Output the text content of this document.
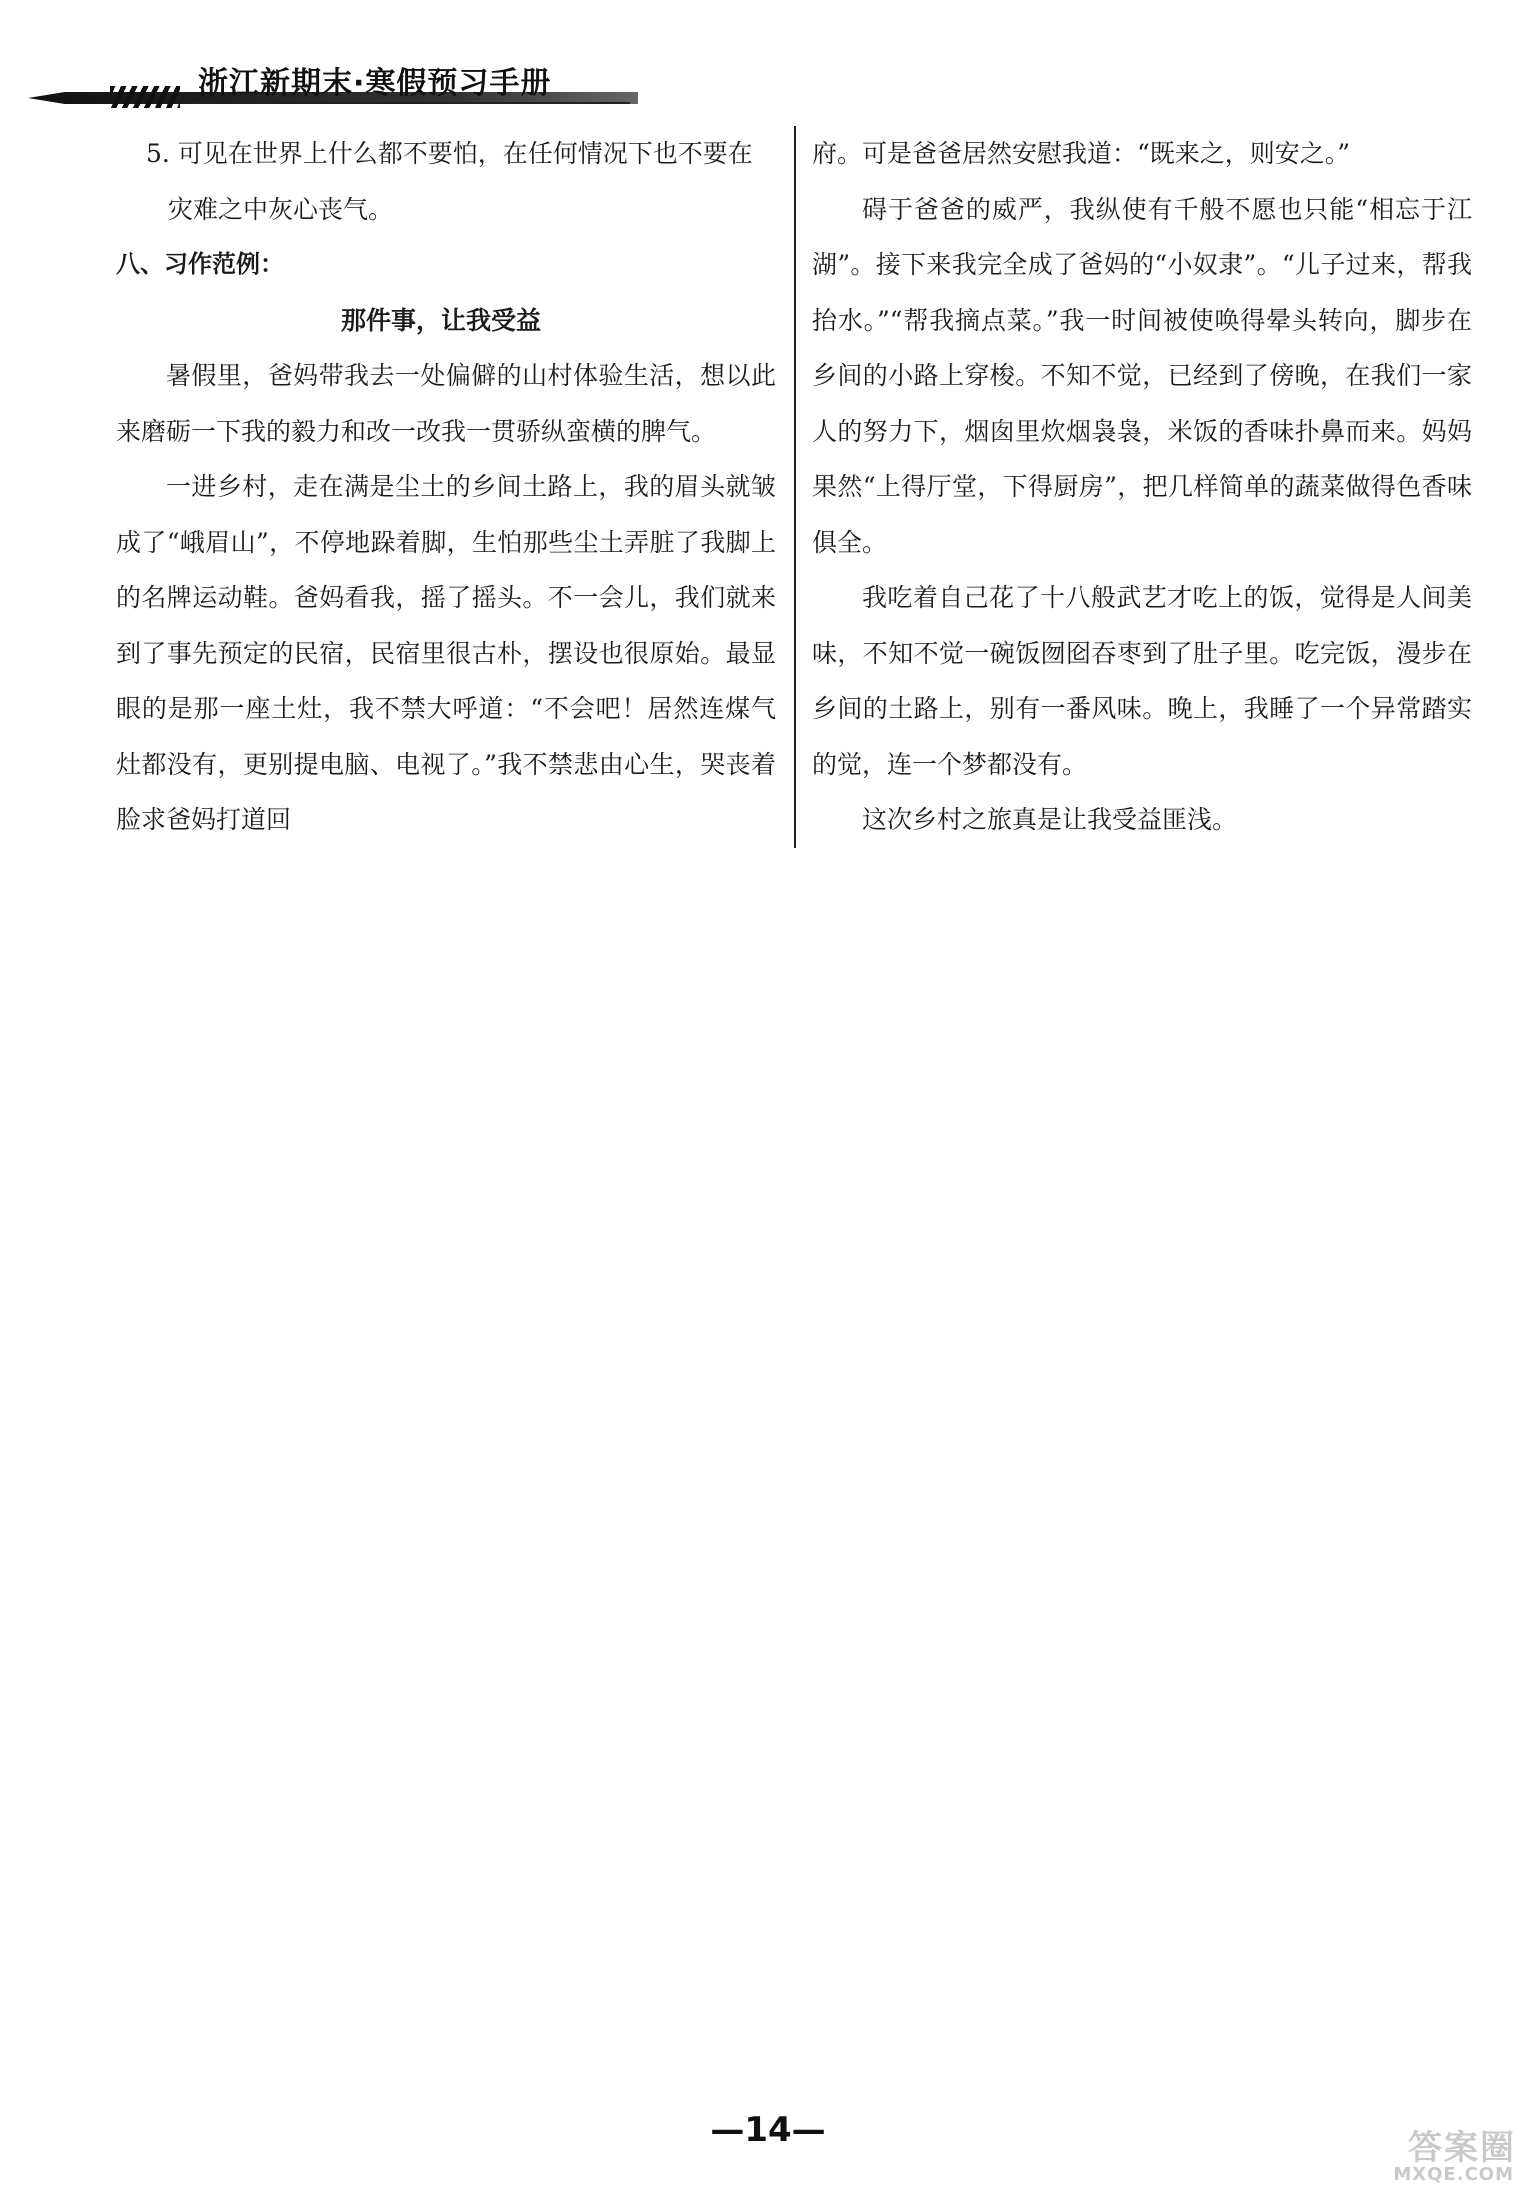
浙江新期末·寒假预习手册

5. 可见在世界上什么都不要怕，在任何情况下也不要在

灾难之中灰心丧气。

八、习作范例：

那件事，让我受益

暑假里，爸妈带我去一处偏僻的山村体验生活，想以此来磨砺一下我的毅力和改一改我一贯骄纵蛮横的脾气。

一进乡村，走在满是尘土的乡间土路上，我的眉头就皱成了“峨眉山”，不停地跺着脚，生怕那些尘土弄脏了我脚上的名牌运动鞋。爸妈看我，摇了摇头。不一会儿，我们就来到了事先预定的民宿，民宿里很古朴，摆设也很原始。最显眼的是那一座土灶，我不禁大呼道：“不会吧！居然连煤气灶都没有，更别提电脑、电视了。”我不禁悲由心生，哭丧着脸求爸妈打道回

府。可是爸爸居然安慰我道：“既来之，则安之。”

碍于爸爸的威严，我纵使有千般不愿也只能“相忘于江湖”。接下来我完全成了爸妈的“小奴隶”。“儿子过来，帮我抬水。”“帮我摘点菜。”我一时间被使唤得晕头转向，脚步在乡间的小路上穿梭。不知不觉，已经到了傍晚，在我们一家人的努力下，烟囱里炊烟袅袅，米饭的香味扑鼻而来。妈妈果然“上得厅堂，下得厨房”，把几样简单的蔬菜做得色香味俱全。

我吃着自己花了十八般武艺才吃上的饭，觉得是人间美味，不知不觉一碗饭囫囵吞枣到了肚子里。吃完饭，漫步在乡间的土路上，别有一番风味。晚上，我睡了一个异常踏实的觉，连一个梦都没有。

这次乡村之旅真是让我受益匪浅。

—14—	答案圈
MXQE.COM
